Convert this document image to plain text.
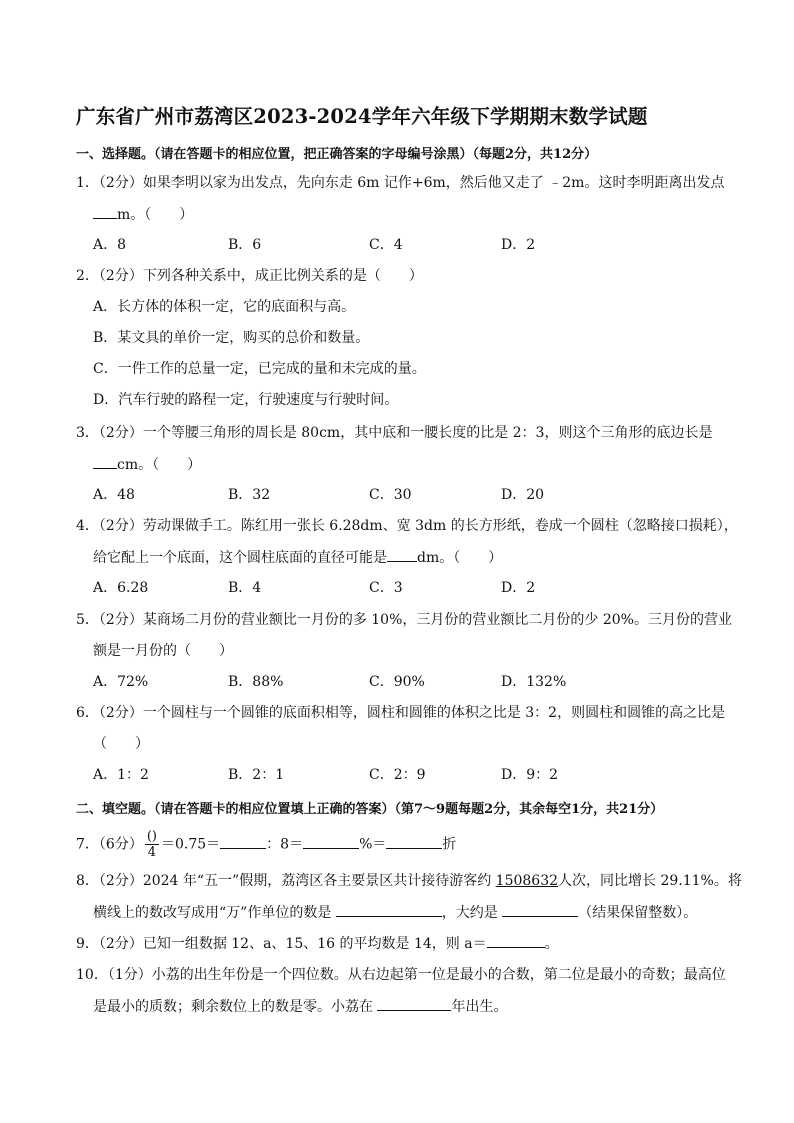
广东省广州市荔湾区2023-2024学年六年级下学期期末数学试题
一、选择题。（请在答题卡的相应位置，把正确答案的字母编号涂黑）（每题2分，共12分）
1．（2分）如果李明以家为出发点，先向东走 6m 记作+6m，然后他又走了 ﹣2m。这时李明距离出发点
m。（　　）
A．8	B．6	C．4	D．2
2．（2分）下列各种关系中，成正比例关系的是（　　）
A．长方体的体积一定，它的底面积与高。
B．某文具的单价一定，购买的总价和数量。
C．一件工作的总量一定，已完成的量和未完成的量。
D．汽车行驶的路程一定，行驶速度与行驶时间。
3．（2分）一个等腰三角形的周长是 80cm，其中底和一腰长度的比是 2：3，则这个三角形的底边长是
cm。（　　）
A．48	B．32	C．30	D．20
4．（2分）劳动课做手工。陈红用一张长 6.28dm、宽 3dm 的长方形纸，卷成一个圆柱（忽略接口损耗），
给它配上一个底面，这个圆柱底面的直径可能是 dm。（　　）
A．6.28	B．4	C．3	D．2
5．（2分）某商场二月份的营业额比一月份的多 10%，三月份的营业额比二月份的少 20%。三月份的营业
额是一月份的（　　）
A．72%	B．88%	C．90%	D．132%
6．（2分）一个圆柱与一个圆锥的底面积相等，圆柱和圆锥的体积之比是 3：2，则圆柱和圆锥的高之比是
（　　）
A．1：2	B．2：1	C．2：9	D．9：2
二、填空题。（请在答题卡的相应位置填上正确的答案）（第7～9题每题2分，其余每空1分，共21分）
7．（6分） $\frac{()}{4} =0.75=$	：8＝	%＝	折
8．（2分）2024 年“五一”假期，荔湾区各主要景区共计接待游客约 1508632人次，同比增长 29.11%。将
横线上的数改写成用“万”作单位的数是	，大约是	（结果保留整数）。
9．（2分）已知一组数据 12、a、15、16 的平均数是 14，则 a＝	。
10．（1分）小荔的出生年份是一个四位数。从右边起第一位是最小的合数，第二位是最小的奇数；最高位
是最小的质数；剩余数位上的数是零。小荔在	年出生。
